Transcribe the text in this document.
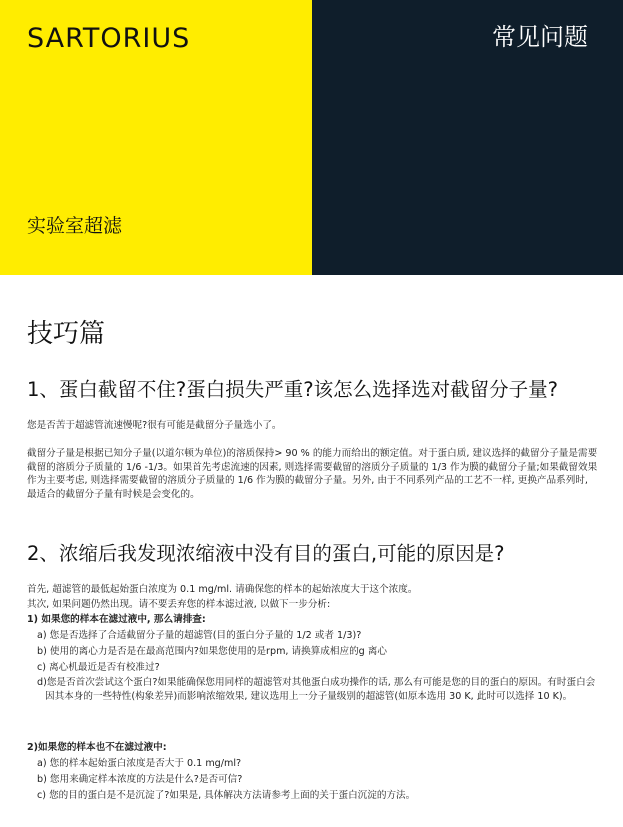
SARTORIUS
实验室超滤
常见问题
技巧篇
1、蛋白截留不住?蛋白损失严重?该怎么选择选对截留分子量?
您是否苦于超滤管流速慢呢?很有可能是截留分子量选小了。
截留分子量是根据已知分子量(以道尔顿为单位)的溶质保持> 90 % 的能力而给出的额定值。对于蛋白质, 建议选择的截留分子量是需要截留的溶质分子质量的 1/6 -1/3。如果首先考虑流速的因素, 则选择需要截留的溶质分子质量的 1/3 作为膜的截留分子量;如果截留效果作为主要考虑, 则选择需要截留的溶质分子质量的 1/6 作为膜的截留分子量。另外, 由于不同系列产品的工艺不一样, 更换产品系列时, 最适合的截留分子量有时候是会变化的。
2、浓缩后我发现浓缩液中没有目的蛋白,可能的原因是?
首先, 超滤管的最低起始蛋白浓度为 0.1 mg/ml. 请确保您的样本的起始浓度大于这个浓度。
其次, 如果问题仍然出现。请不要丢弃您的样本滤过液, 以做下一步分析:
1) 如果您的样本在滤过液中, 那么请排查:
a) 您是否选择了合适截留分子量的超滤管(目的蛋白分子量的 1/2 或者 1/3)?
b) 使用的离心力是否是在最高范围内?如果您使用的是rpm, 请换算成相应的g 离心
c) 离心机最近是否有校准过?
d)您是否首次尝试这个蛋白?如果能确保您用同样的超滤管对其他蛋白成功操作的话, 那么有可能是您的目的蛋白的原因。有时蛋白会因其本身的一些特性(构象差异)而影响浓缩效果, 建议选用上一分子量级别的超滤管(如原本选用 30 K, 此时可以选择 10 K)。
2)如果您的样本也不在滤过液中:
a) 您的样本起始蛋白浓度是否大于 0.1 mg/ml?
b) 您用来确定样本浓度的方法是什么?是否可信?
c) 您的目的蛋白是不是沉淀了?如果是, 具体解决方法请参考上面的关于蛋白沉淀的方法。
